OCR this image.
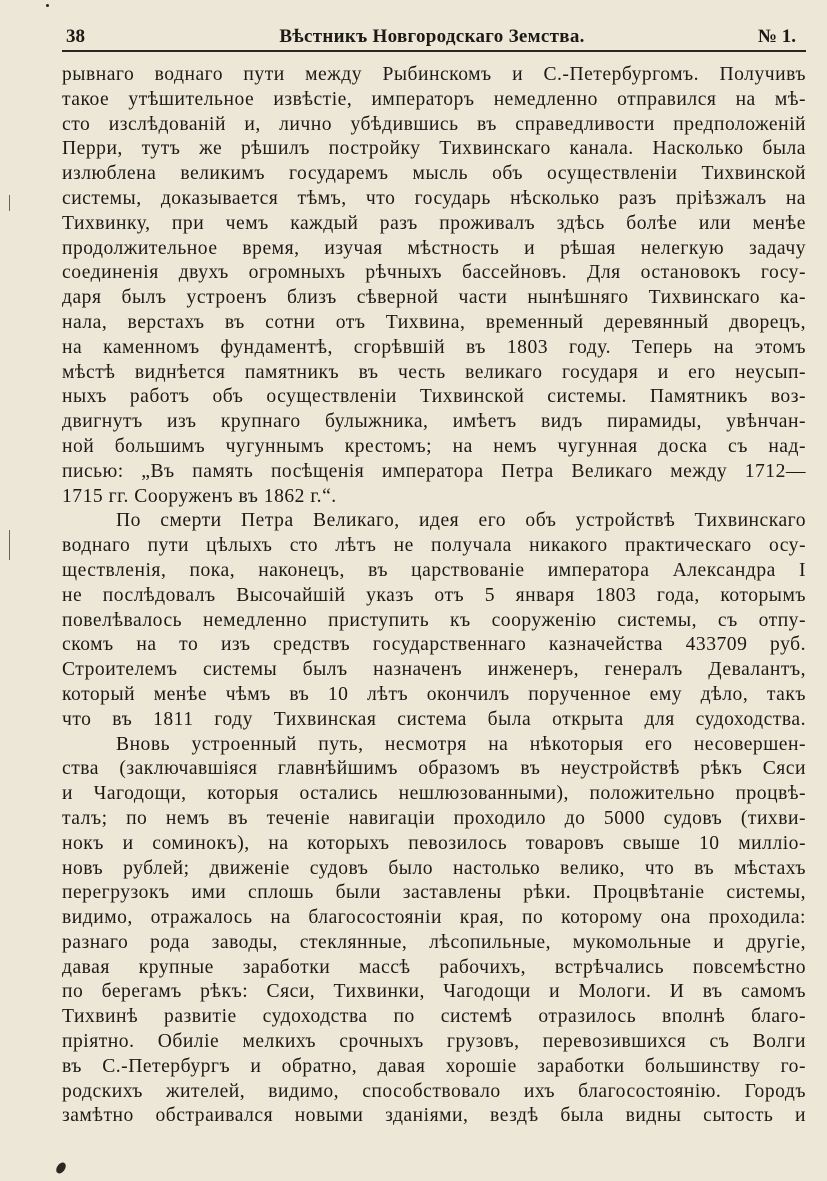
38	Вѣстникъ Новгородскаго Земства.	№ 1.
рывнаго воднаго пути между Рыбинскомъ и С.-Петербургомъ. Получивъ
такое утѣшительное извѣстіе, императоръ немедленно отправился на мѣ-
сто изслѣдованій и, лично убѣдившись въ справедливости предположеній
Перри, тутъ же рѣшилъ постройку Тихвинскаго канала. Насколько была
излюблена великимъ государемъ мысль объ осуществленіи Тихвинской
системы, доказывается тѣмъ, что государь нѣсколько разъ пріѣзжалъ на
Тихвинку, при чемъ каждый разъ проживалъ здѣсь болѣе или менѣе
продолжительное время, изучая мѣстность и рѣшая нелегкую задачу
соединенія двухъ огромныхъ рѣчныхъ бассейновъ. Для остановокъ госу-
даря былъ устроенъ близъ сѣверной части нынѣшняго Тихвинскаго ка-
нала, верстахъ въ сотни отъ Тихвина, временный деревянный дворецъ,
на каменномъ фундаментѣ, сгорѣвшій въ 1803 году. Теперь на этомъ
мѣстѣ виднѣется памятникъ въ честь великаго государя и его неусып-
ныхъ работъ объ осуществленіи Тихвинской системы. Памятникъ воз-
двигнутъ изъ крупнаго булыжника, имѣетъ видъ пирамиды, увѣнчан-
ной большимъ чугуннымъ крестомъ; на немъ чугунная доска съ над-
писью: „Въ память посѣщенія императора Петра Великаго между 1712—
1715 гг. Сооруженъ въ 1862 г.“.
По смерти Петра Великаго, идея его объ устройствѣ Тихвинскаго
воднаго пути цѣлыхъ сто лѣтъ не получала никакого практическаго осу-
ществленія, пока, наконецъ, въ царствованіе императора Александра I
не послѣдовалъ Высочайшій указъ отъ 5 января 1803 года, которымъ
повелѣвалось немедленно приступить къ сооруженію системы, съ отпу-
скомъ на то изъ средствъ государственнаго казначейства 433709 руб.
Строителемъ системы былъ назначенъ инженеръ, генералъ Девалантъ,
который менѣе чѣмъ въ 10 лѣтъ окончилъ порученное ему дѣло, такъ
что въ 1811 году Тихвинская система была открыта для судоходства.
Вновь устроенный путь, несмотря на нѣкоторыя его несовершен-
ства (заключавшіяся главнѣйшимъ образомъ въ неустройствѣ рѣкъ Сяси
и Чагодощи, которыя остались нешлюзованными), положительно процвѣ-
талъ; по немъ въ теченіе навигаціи проходило до 5000 судовъ (тихви-
нокъ и соминокъ), на которыхъ певозилось товаровъ свыше 10 милліо-
новъ рублей; движеніе судовъ было настолько велико, что въ мѣстахъ
перегрузокъ ими сплошь были заставлены рѣки. Процвѣтаніе системы,
видимо, отражалось на благосостояніи края, по которому она проходила:
разнаго рода заводы, стеклянные, лѣсопильные, мукомольные и другіе,
давая крупные заработки массѣ рабочихъ, встрѣчались повсемѣстно
по берегамъ рѣкъ: Сяси, Тихвинки, Чагодощи и Мологи. И въ самомъ
Тихвинѣ развитіе судоходства по системѣ отразилось вполнѣ благо-
пріятно. Обиліе мелкихъ срочныхъ грузовъ, перевозившихся съ Волги
въ С.-Петербургъ и обратно, давая хорошіе заработки большинству го-
родскихъ жителей, видимо, способствовало ихъ благосостоянію. Городъ
замѣтно обстраивался новыми зданіями, вездѣ была видны сытость и
